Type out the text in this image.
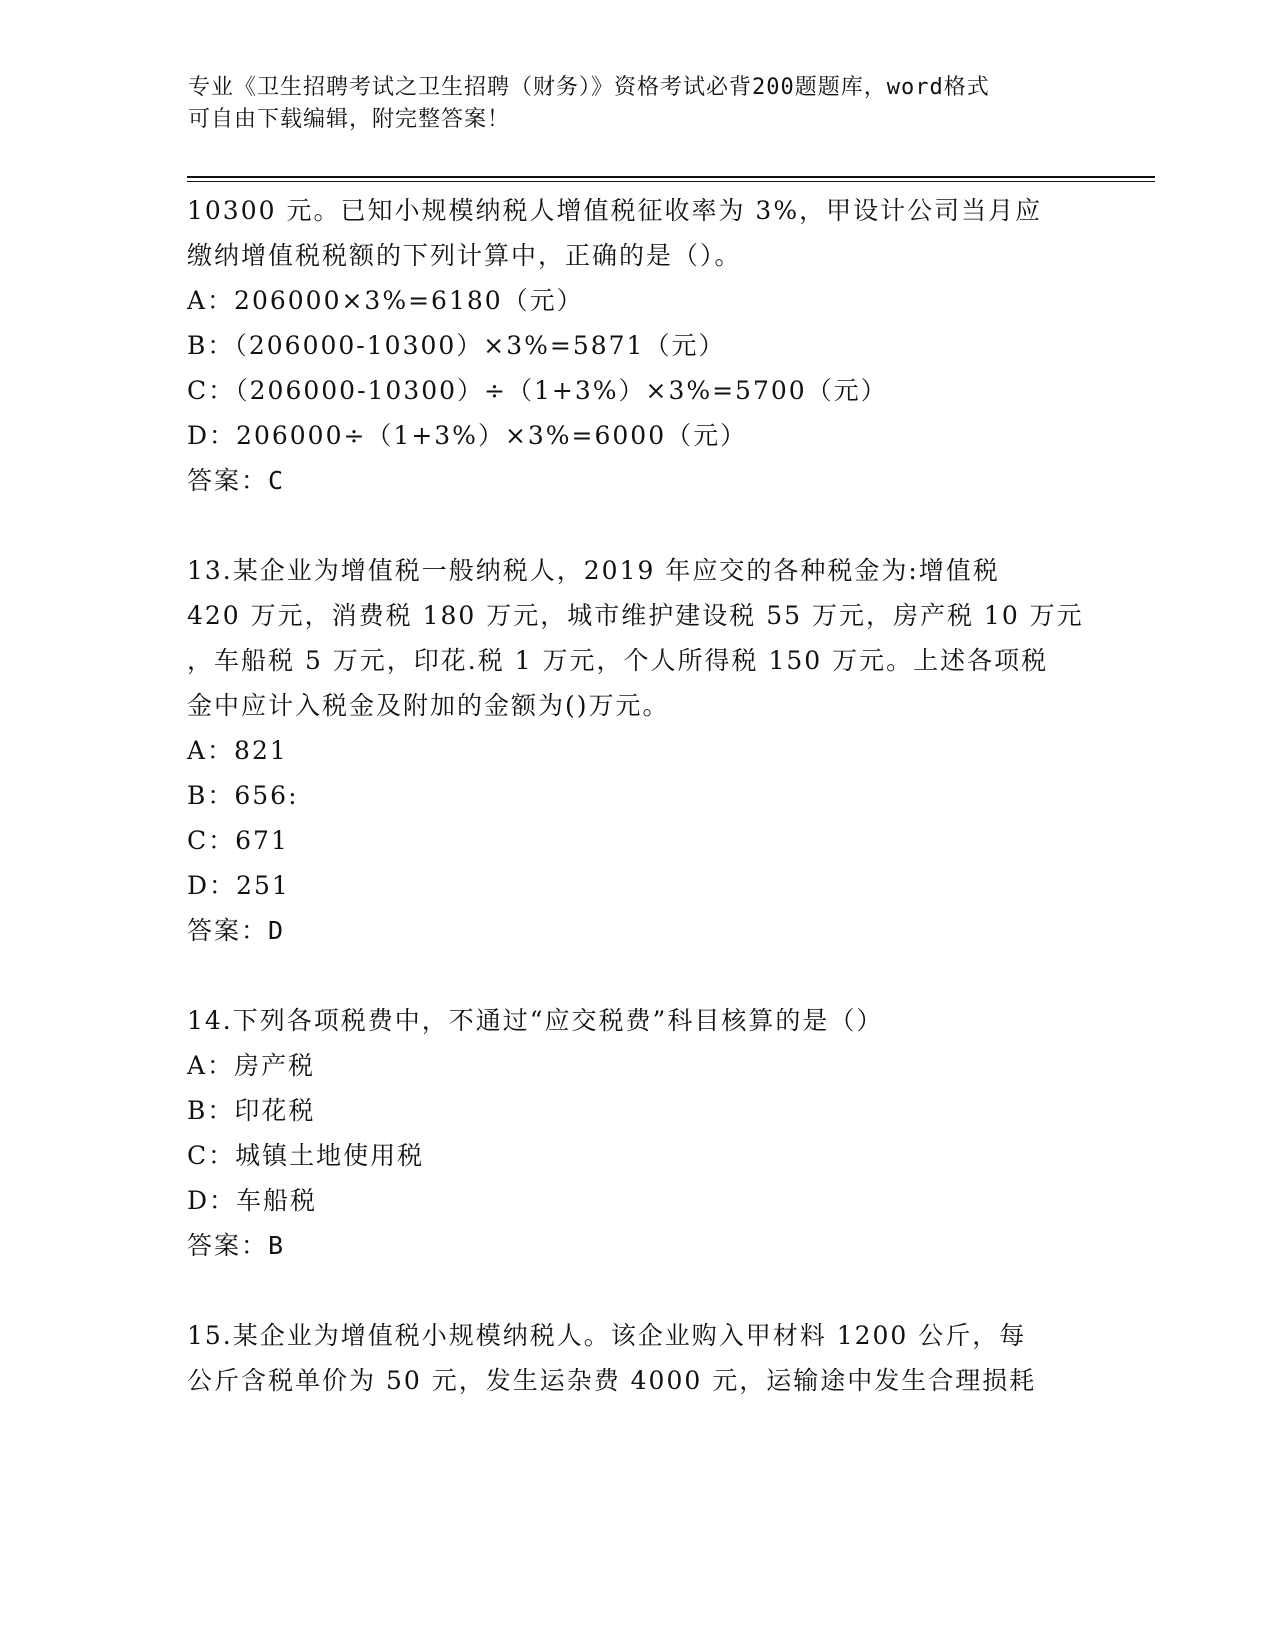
专业《卫生招聘考试之卫生招聘（财务）》资格考试必背200题题库，word格式
可自由下载编辑，附完整答案！
10300 元。已知小规模纳税人增值税征收率为 3%，甲设计公司当月应
缴纳增值税税额的下列计算中，正确的是（）。
A：206000×3%=6180（元）
B：（206000-10300）×3%=5871（元）
C：（206000-10300）÷（1+3%）×3%=5700（元）
D：206000÷（1+3%）×3%=6000（元）
答案：C
13.某企业为增值税一般纳税人，2019 年应交的各种税金为:增值税
420 万元，消费税 180 万元，城市维护建设税 55 万元，房产税 10 万元
，车船税 5 万元，印花.税 1 万元，个人所得税 150 万元。上述各项税
金中应计入税金及附加的金额为()万元。
A：821
B：656:
C：671
D：251
答案：D
14.下列各项税费中，不通过“应交税费”科目核算的是（）
A：房产税
B：印花税
C：城镇土地使用税
D：车船税
答案：B
15.某企业为增值税小规模纳税人。该企业购入甲材料 1200 公斤，每
公斤含税单价为 50 元，发生运杂费 4000 元，运输途中发生合理损耗
